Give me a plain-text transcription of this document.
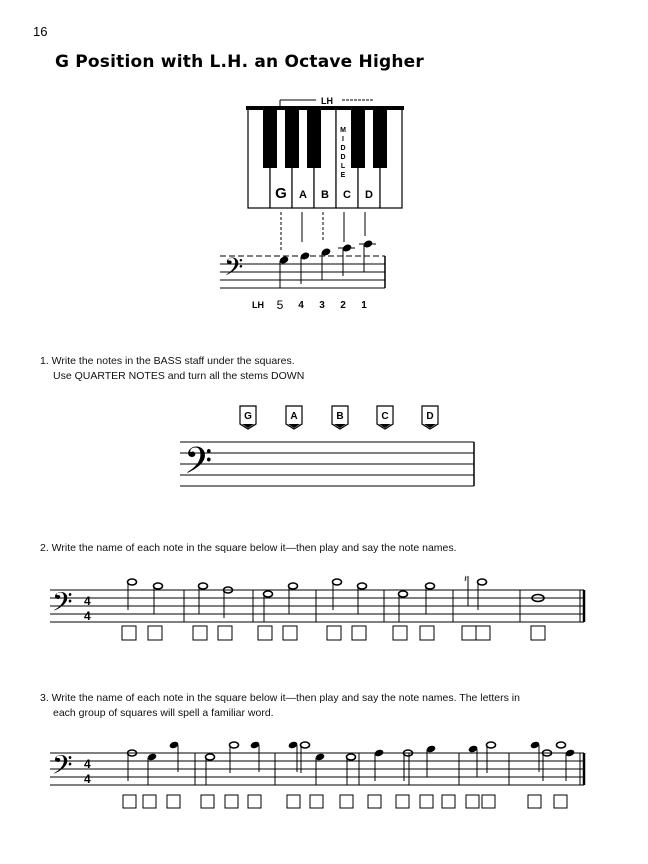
16
G Position with L.H. an Octave Higher
LH
M
I
D
D
L
E
G A B C D
𝄢
LH	5	4	3	2	1
1. Write the notes in the BASS staff under the squares.
Use QUARTER NOTES and turn all the stems DOWN
G	A	B	C	D
𝄢
2. Write the name of each note in the square below it—then play and say the note names.
𝄢 4
4
𝄽
3. Write the name of each note in the square below it—then play and say the note names. The letters in
each group of squares will spell a familiar word.
𝄢 4
4
